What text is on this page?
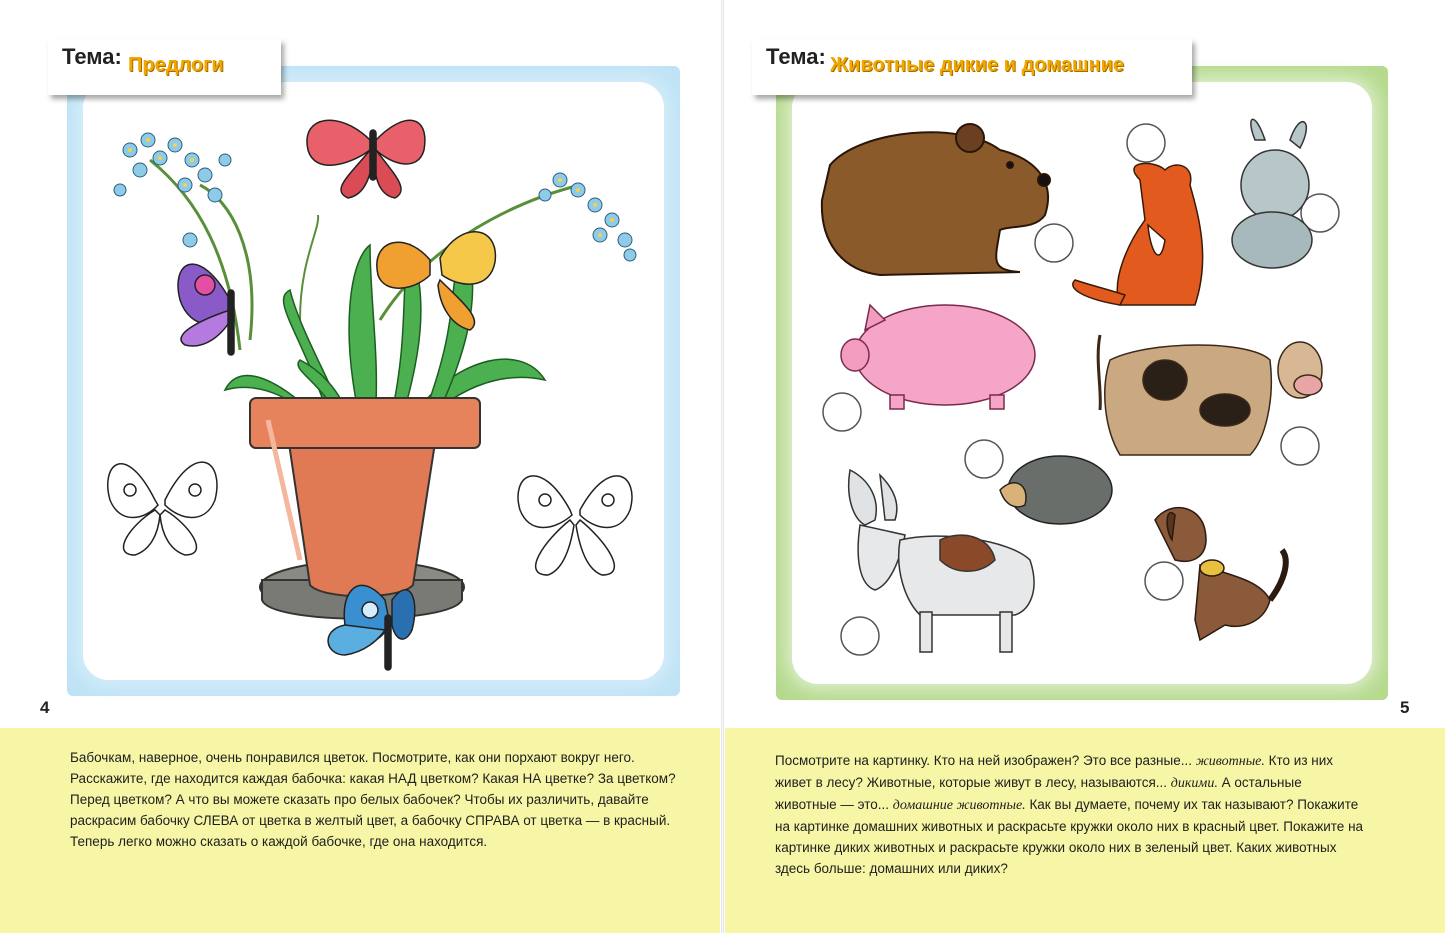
Тема: Предлоги
4
Тема: Животные дикие и домашние
5
Бабочкам, наверное, очень понравился цветок. Посмотрите, как они порхают вокруг него. Расскажите, где находится каждая бабочка: какая НАД цветком? Какая НА цветке? За цветком? Перед цветком? А что вы можете сказать про белых бабочек? Чтобы их различить, давайте раскрасим бабочку СЛЕВА от цветка в желтый цвет, а бабочку СПРАВА от цветка — в красный. Теперь легко можно сказать о каждой бабочке, где она находится.
Посмотрите на картинку. Кто на ней изображен? Это все разные... животные. Кто из них живет в лесу? Животные, которые живут в лесу, называются... дикими. А остальные животные — это... домашние животные. Как вы думаете, почему их так называют? Покажите на картинке домашних животных и раскрасьте кружки около них в красный цвет. Покажите на картинке диких животных и раскрасьте кружки около них в зеленый цвет. Каких животных здесь больше: домашних или диких?
